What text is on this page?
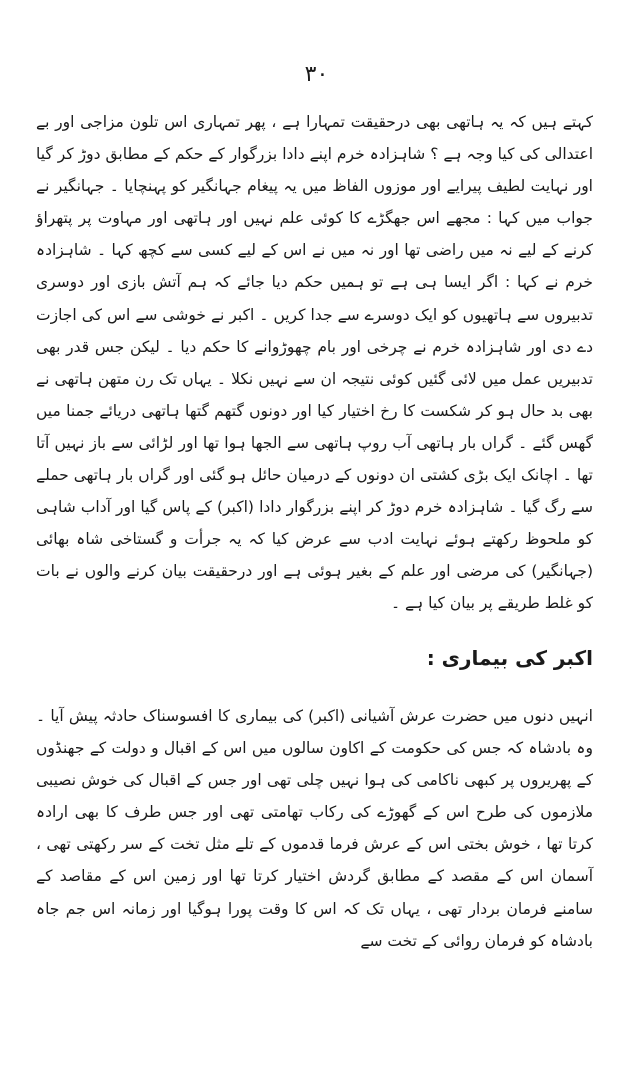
۳۰

کہتے ہیں کہ یہ ہاتھی بھی درحقیقت تمہارا ہے ، پھر تمہاری اس تلون مزاجی اور بے اعتدالی کی کیا وجہ ہے ؟ شاہزادہ خرم اپنے دادا بزرگوار کے حکم کے مطابق دوڑ کر گیا اور نہایت لطیف پیرایے اور موزوں الفاظ میں یہ پیغام جہانگیر کو پہنچایا ۔ جہانگیر نے جواب میں کہا : مجھے اس جھگڑے کا کوئی علم نہیں اور ہاتھی اور مہاوت پر پتھراؤ کرنے کے لیے نہ میں راضی تھا اور نہ میں نے اس کے لیے کسی سے کچھ کہا ۔ شاہزادہ خرم نے کہا : اگر ایسا ہی ہے تو ہمیں حکم دیا جائے کہ ہم آتش بازی اور دوسری تدبیروں سے ہاتھیوں کو ایک دوسرے سے جدا کریں ۔ اکبر نے خوشی سے اس کی اجازت دے دی اور شاہزادہ خرم نے چرخی اور بام چھوڑوانے کا حکم دیا ۔ لیکن جس قدر بھی تدبیریں عمل میں لائی گئیں کوئی نتیجہ ان سے نہیں نکلا ۔ یہاں تک رن متھن ہاتھی نے بھی بد حال ہو کر شکست کا رخ اختیار کیا اور دونوں گتھم گتھا ہاتھی دریائے جمنا میں گھس گئے ۔ گراں بار ہاتھی آب روپ ہاتھی سے الجھا ہوا تھا اور لڑائی سے باز نہیں آتا تھا ۔ اچانک ایک بڑی کشتی ان دونوں کے درمیان حائل ہو گئی اور گراں بار ہاتھی حملے سے رگ گیا ۔ شاہزادہ خرم دوڑ کر اپنے بزرگوار دادا (اکبر) کے پاس گیا اور آداب شاہی کو ملحوظ رکھتے ہوئے نہایت ادب سے عرض کیا کہ یہ جرأت و گستاخی شاہ بھائی (جہانگیر) کی مرضی اور علم کے بغیر ہوئی ہے اور درحقیقت بیان کرنے والوں نے بات کو غلط طریقے پر بیان کیا ہے ۔

اکبر کی بیماری :

انہیں دنوں میں حضرت عرش آشیانی (اکبر) کی بیماری کا افسوسناک حادثہ پیش آیا ۔ وہ بادشاہ کہ جس کی حکومت کے اکاون سالوں میں اس کے اقبال و دولت کے جھنڈوں کے پھریروں پر کبھی ناکامی کی ہوا نہیں چلی تھی اور جس کے اقبال کی خوش نصیبی ملازموں کی طرح اس کے گھوڑے کی رکاب تھامتی تھی اور جس طرف کا بھی ارادہ کرتا تھا ، خوش بختی اس کے عرش فرما قدموں کے تلے مثل تخت کے سر رکھتی تھی ، آسمان اس کے مقصد کے مطابق گردش اختیار کرتا تھا اور زمین اس کے مقاصد کے سامنے فرمان بردار تھی ، یہاں تک کہ اس کا وقت پورا ہوگیا اور زمانہ اس جم جاہ بادشاہ کو فرمان روائی کے تخت سے
